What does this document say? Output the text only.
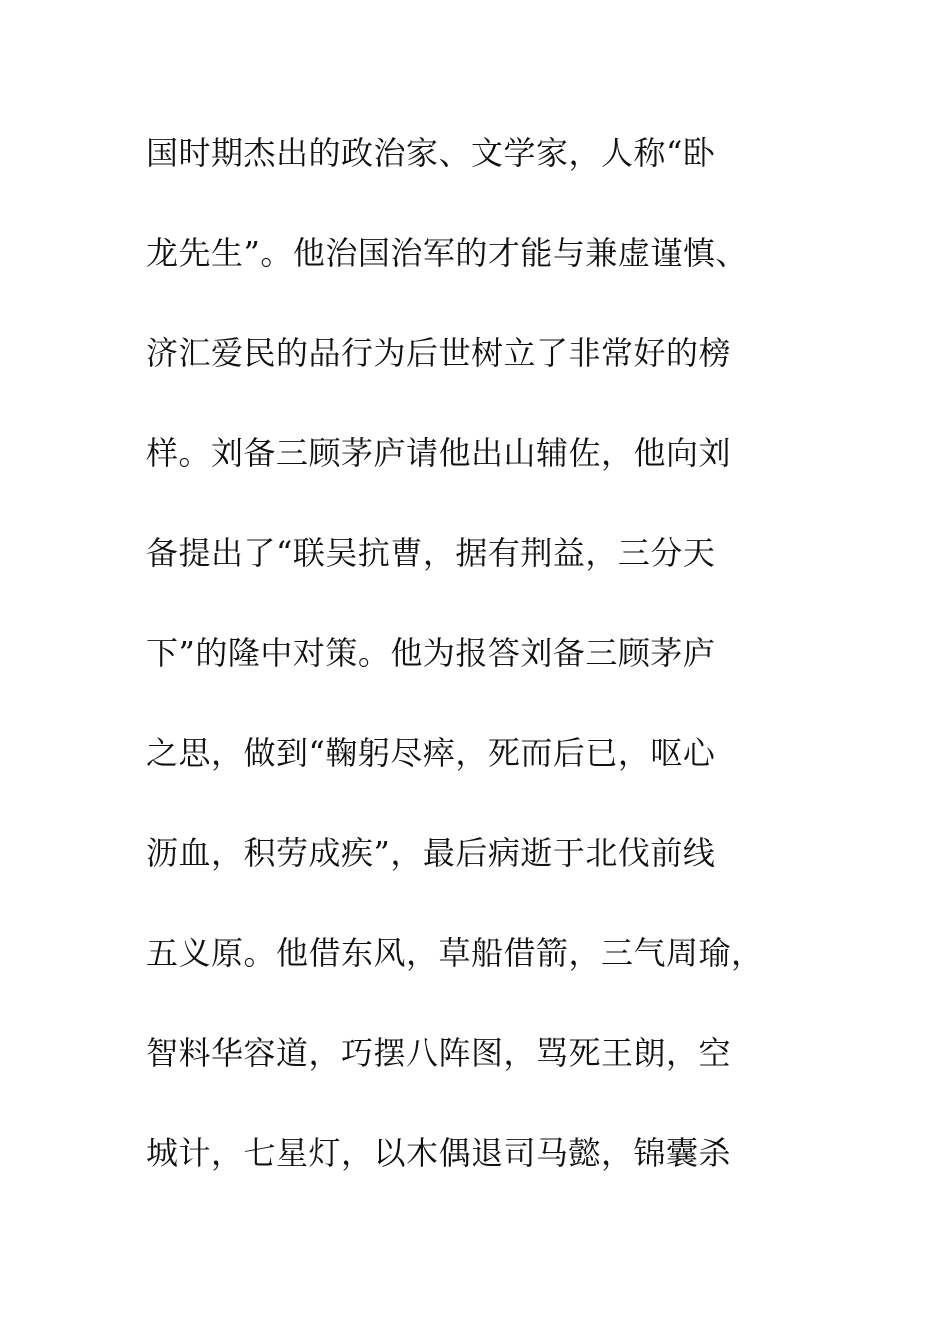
国时期杰出的政治家、文学家，人称“卧
龙先生”。他治国治军的才能与兼虚谨慎、
济汇爱民的品行为后世树立了非常好的榜
样。刘备三顾茅庐请他出山辅佐，他向刘
备提出了“联吴抗曹，据有荆益，三分天
下”的隆中对策。他为报答刘备三顾茅庐
之思，做到“鞠躬尽瘁，死而后已，呕心
沥血，积劳成疾”，最后病逝于北伐前线
五义原。他借东风，草船借箭，三气周瑜，
智料华容道，巧摆八阵图，骂死王朗，空
城计，七星灯，以木偶退司马懿，锦囊杀
